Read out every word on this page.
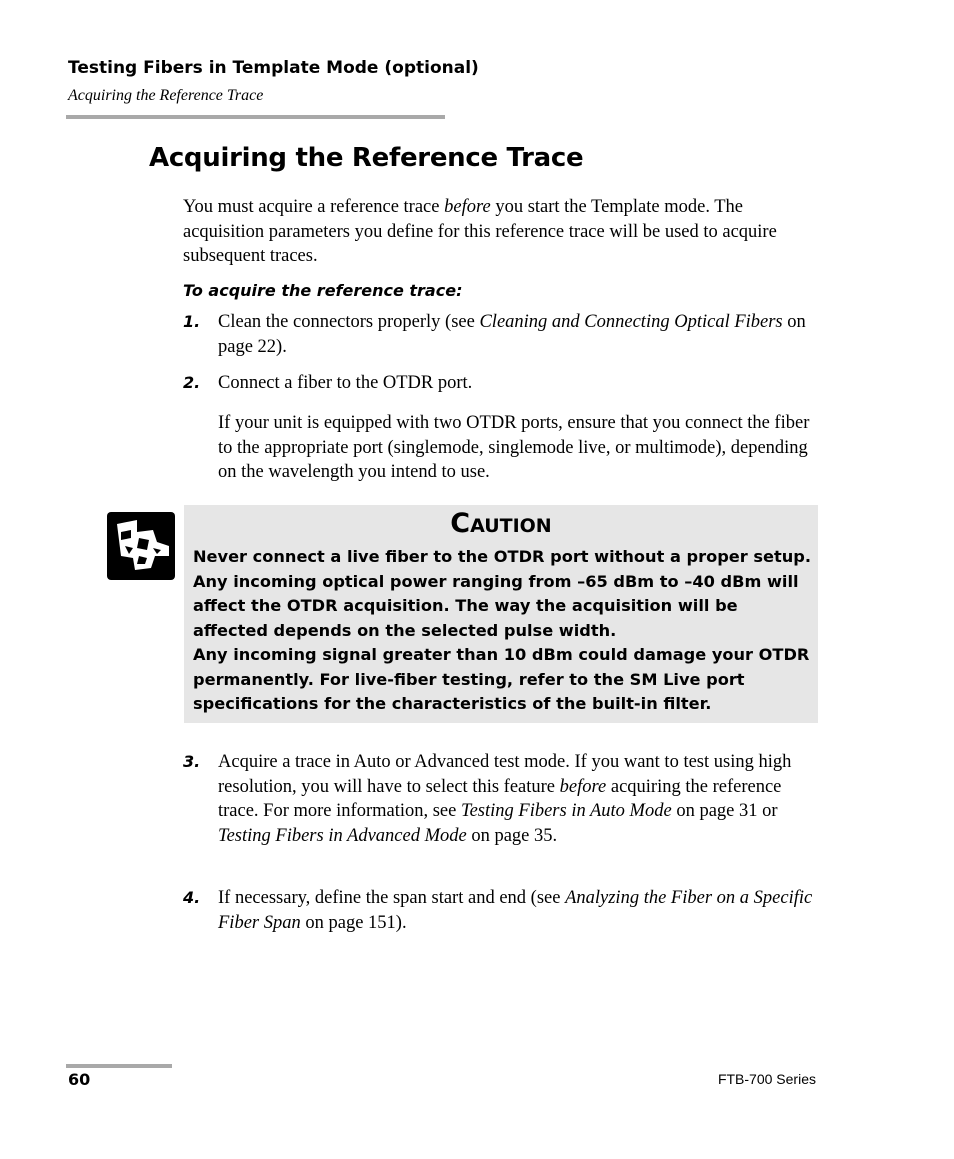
Testing Fibers in Template Mode (optional)
Acquiring the Reference Trace
Acquiring the Reference Trace
You must acquire a reference trace before you start the Template mode. The acquisition parameters you define for this reference trace will be used to acquire subsequent traces.
To acquire the reference trace:
1. Clean the connectors properly (see Cleaning and Connecting Optical Fibers on page 22).
2. Connect a fiber to the OTDR port.
If your unit is equipped with two OTDR ports, ensure that you connect the fiber to the appropriate port (singlemode, singlemode live, or multimode), depending on the wavelength you intend to use.
Caution
Never connect a live fiber to the OTDR port without a proper setup. Any incoming optical power ranging from –65 dBm to –40 dBm will affect the OTDR acquisition. The way the acquisition will be affected depends on the selected pulse width.
Any incoming signal greater than 10 dBm could damage your OTDR permanently. For live-fiber testing, refer to the SM Live port specifications for the characteristics of the built-in filter.
3. Acquire a trace in Auto or Advanced test mode. If you want to test using high resolution, you will have to select this feature before acquiring the reference trace. For more information, see Testing Fibers in Auto Mode on page 31 or Testing Fibers in Advanced Mode on page 35.
4. If necessary, define the span start and end (see Analyzing the Fiber on a Specific Fiber Span on page 151).
60	FTB-700 Series
